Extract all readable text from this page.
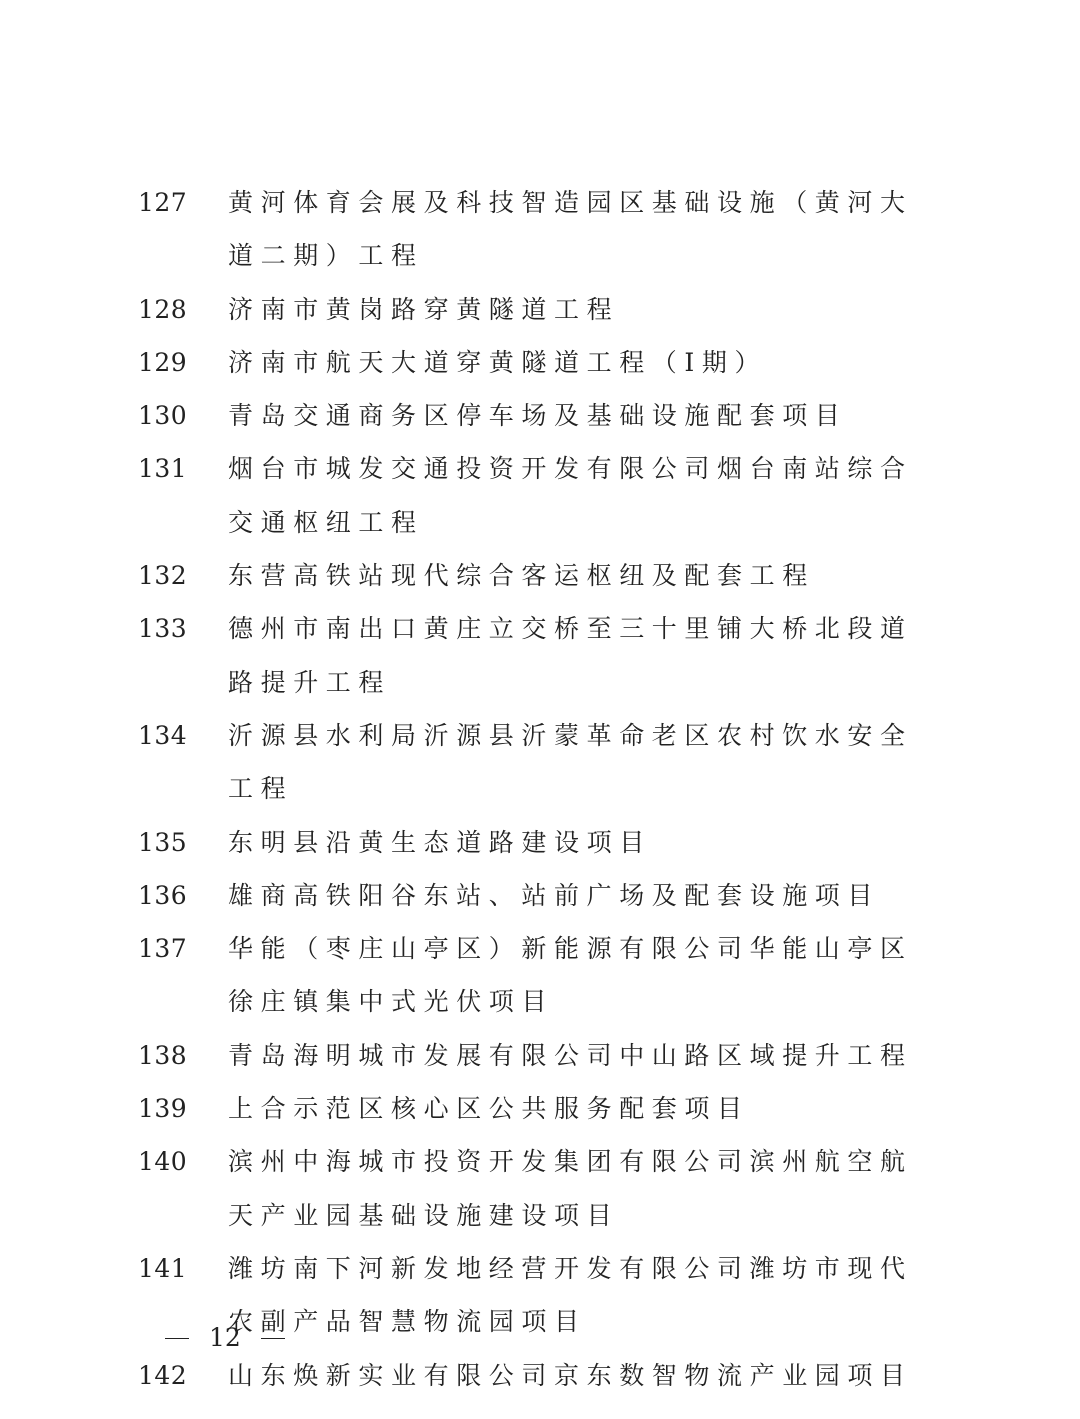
127	黄河体育会展及科技智造园区基础设施（黄河大道二期）工程
128	济南市黄岗路穿黄隧道工程
129	济南市航天大道穿黄隧道工程（Ⅰ期）
130	青岛交通商务区停车场及基础设施配套项目
131	烟台市城发交通投资开发有限公司烟台南站综合交通枢纽工程
132	东营高铁站现代综合客运枢纽及配套工程
133	德州市南出口黄庄立交桥至三十里铺大桥北段道路提升工程
134	沂源县水利局沂源县沂蒙革命老区农村饮水安全工程
135	东明县沿黄生态道路建设项目
136	雄商高铁阳谷东站、站前广场及配套设施项目
137	华能（枣庄山亭区）新能源有限公司华能山亭区徐庄镇集中式光伏项目
138	青岛海明城市发展有限公司中山路区域提升工程
139	上合示范区核心区公共服务配套项目
140	滨州中海城市投资开发集团有限公司滨州航空航天产业园基础设施建设项目
141	潍坊南下河新发地经营开发有限公司潍坊市现代农副产品智慧物流园项目
142	山东焕新实业有限公司京东数智物流产业园项目
12
